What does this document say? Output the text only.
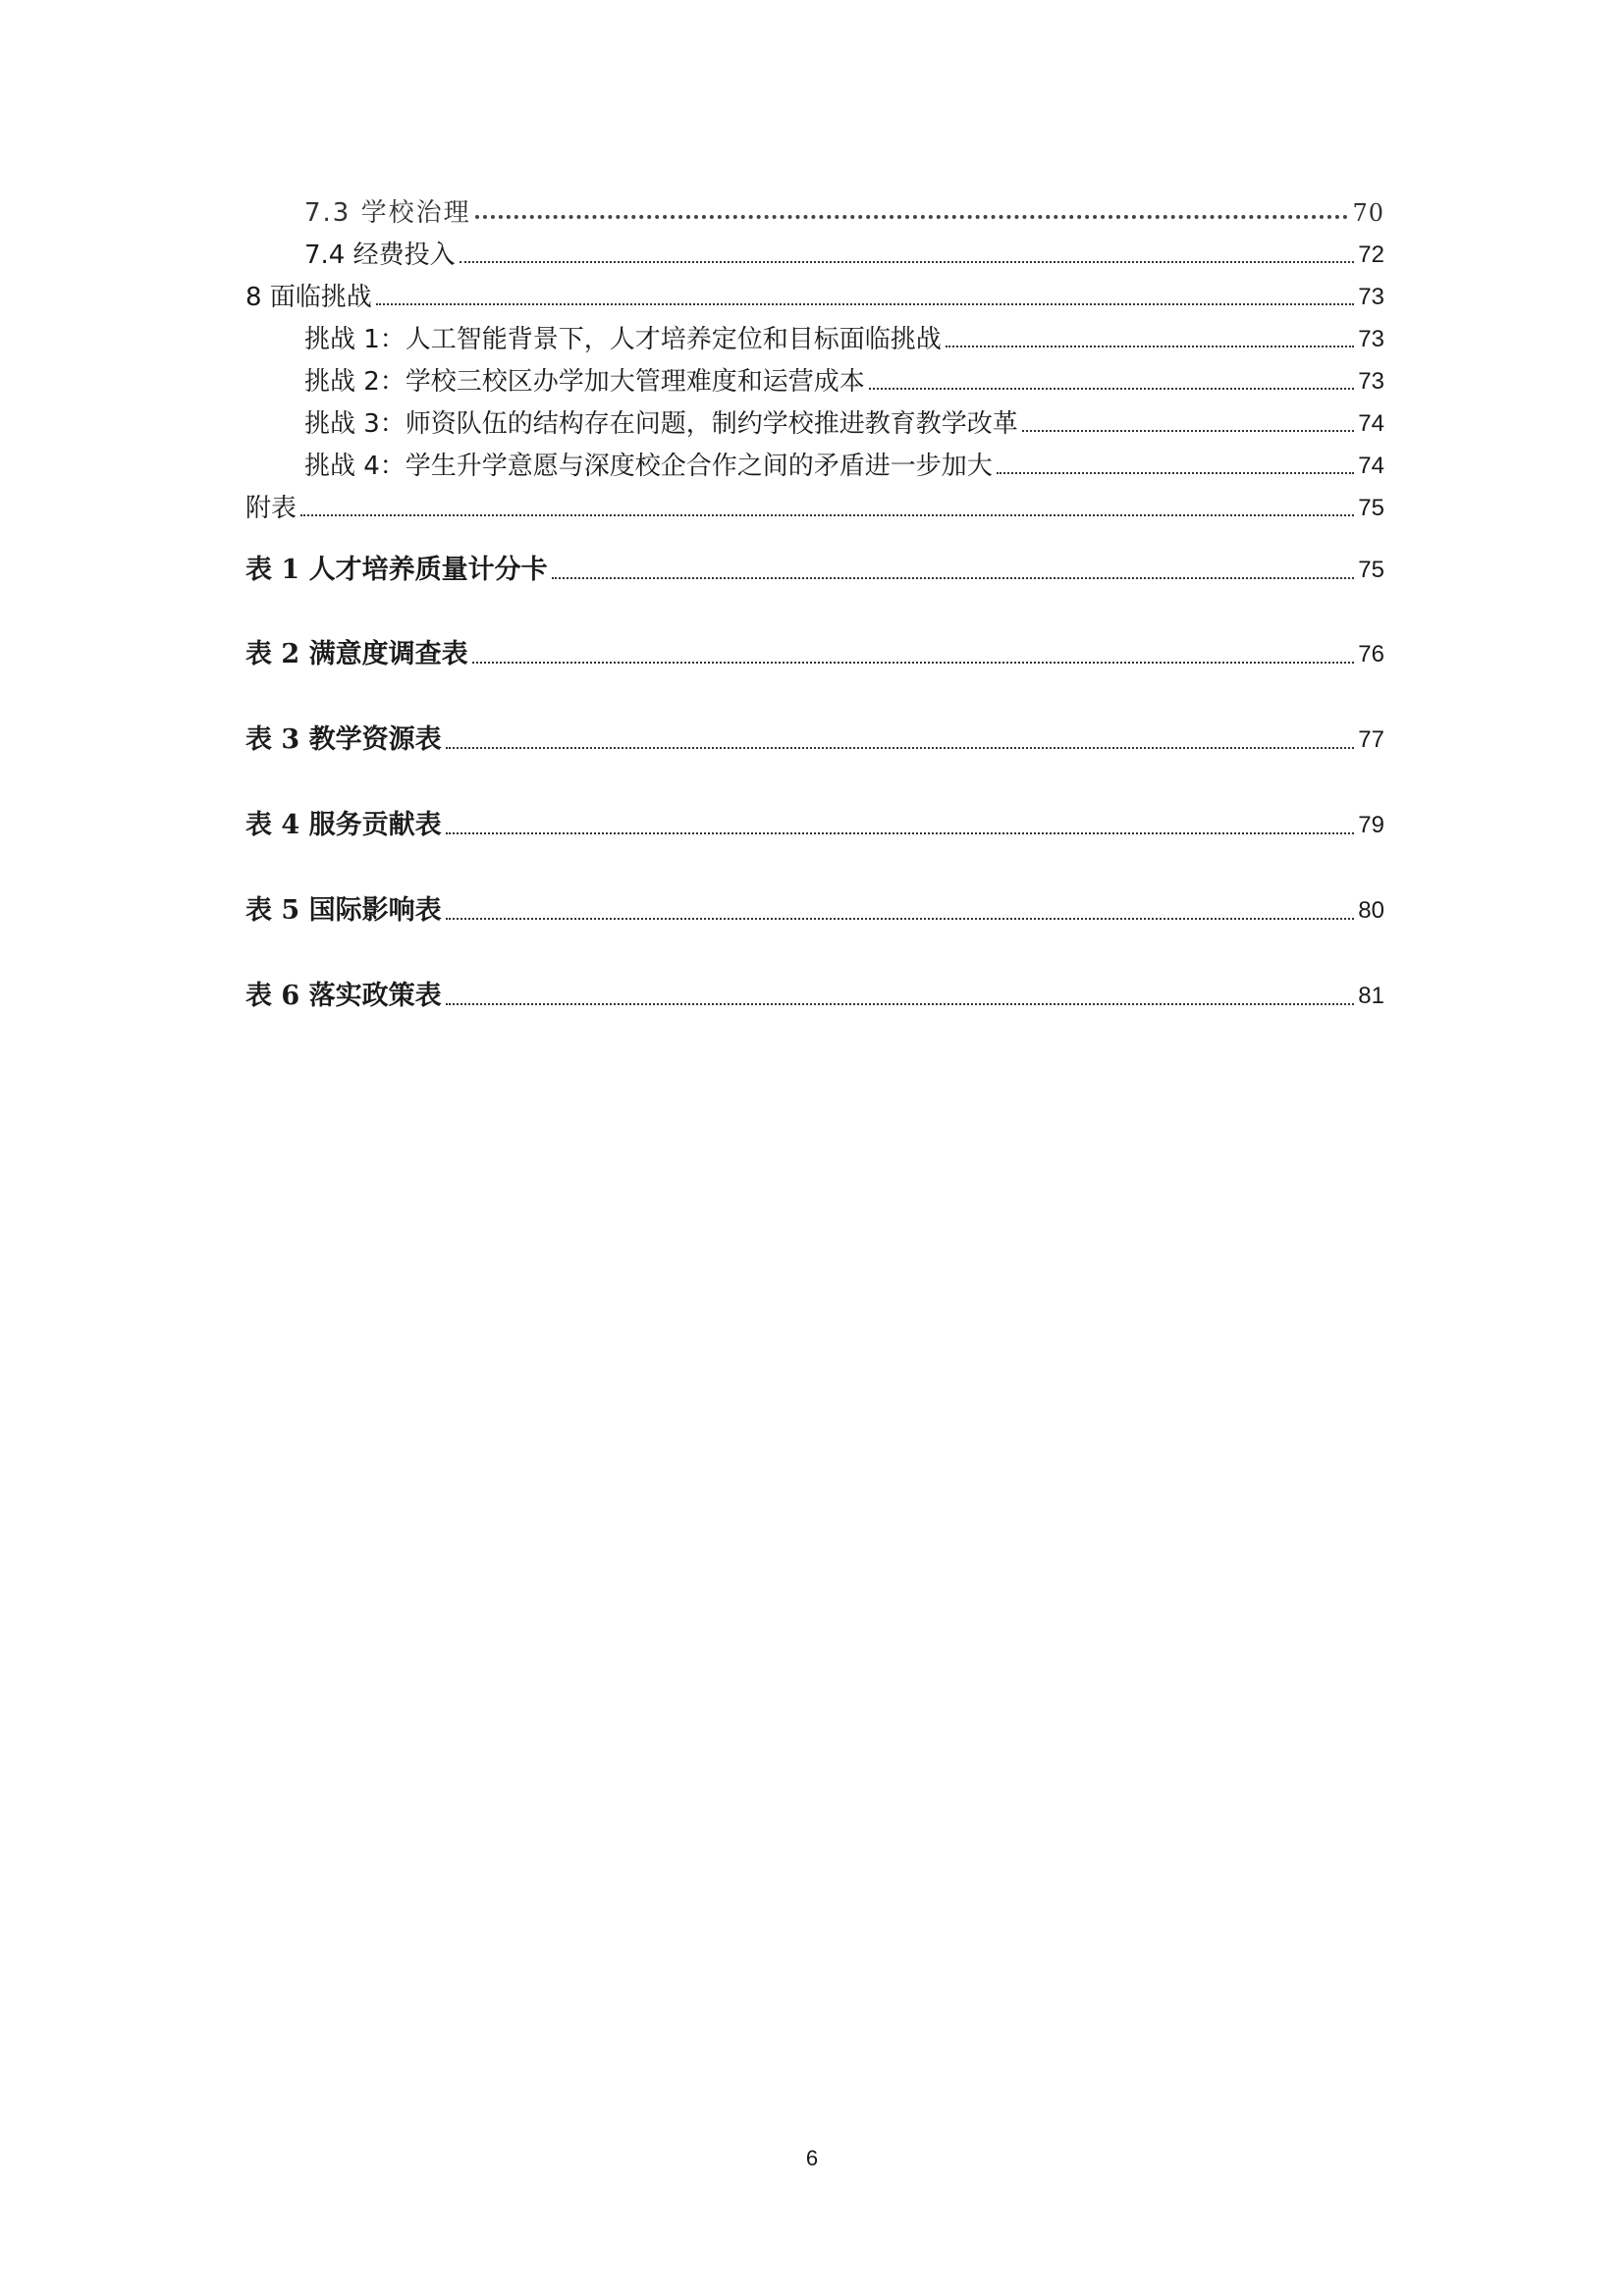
7.3 学校治理	70
7.4 经费投入	72
8 面临挑战	73
挑战 1：人工智能背景下，人才培养定位和目标面临挑战	73
挑战 2：学校三校区办学加大管理难度和运营成本	73
挑战 3：师资队伍的结构存在问题，制约学校推进教育教学改革	74
挑战 4：学生升学意愿与深度校企合作之间的矛盾进一步加大	74
附表	75
表 1 人才培养质量计分卡	75
表 2 满意度调查表	76
表 3 教学资源表	77
表 4 服务贡献表	79
表 5 国际影响表	80
表 6 落实政策表	81
6
